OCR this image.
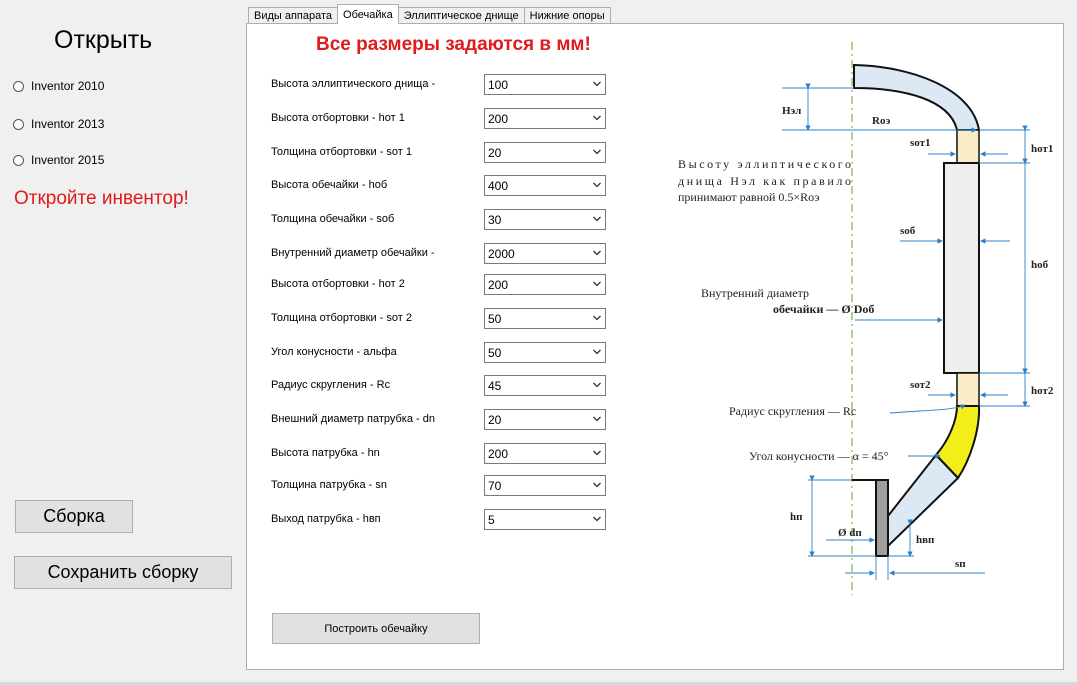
Открыть
Inventor 2010
Inventor 2013
Inventor 2015
Откройте инвентор!
Сборка
Сохранить сборку
Виды аппарата	Обечайка	Эллиптическое днище	Нижние опоры
Все размеры задаются в мм!
Высота эллиптического днища -	100
Высота отбортовки - hот 1	200
Толщина отбортовки - sот 1	20
Высота обечайки - hоб	400
Толщина обечайки - sоб	30
Внутренний диаметр обечайки -	2000
Высота отбортовки - hот 2	200
Толщина отбортовки - sот 2	50
Угол конусности - альфа	50
Радиус скругления - Rc	45
Внешний диаметр патрубка - dn	20
Высота патрубка - hn	200
Толщина патрубка - sn	70
Выход патрубка - hвп	5
Построить обечайку
Высоту эллиптического
днища Hэл как правило
принимают равной 0.5×Rоэ
Внутренний диаметр
обечайки — Ø Dоб
Радиус скругления — Rc
Угол конусности — α = 45°
Hэл
Rоэ
sот1	hот1
sоб
hоб
sот2	hот2
hп
Ø dп
hвп
sп
